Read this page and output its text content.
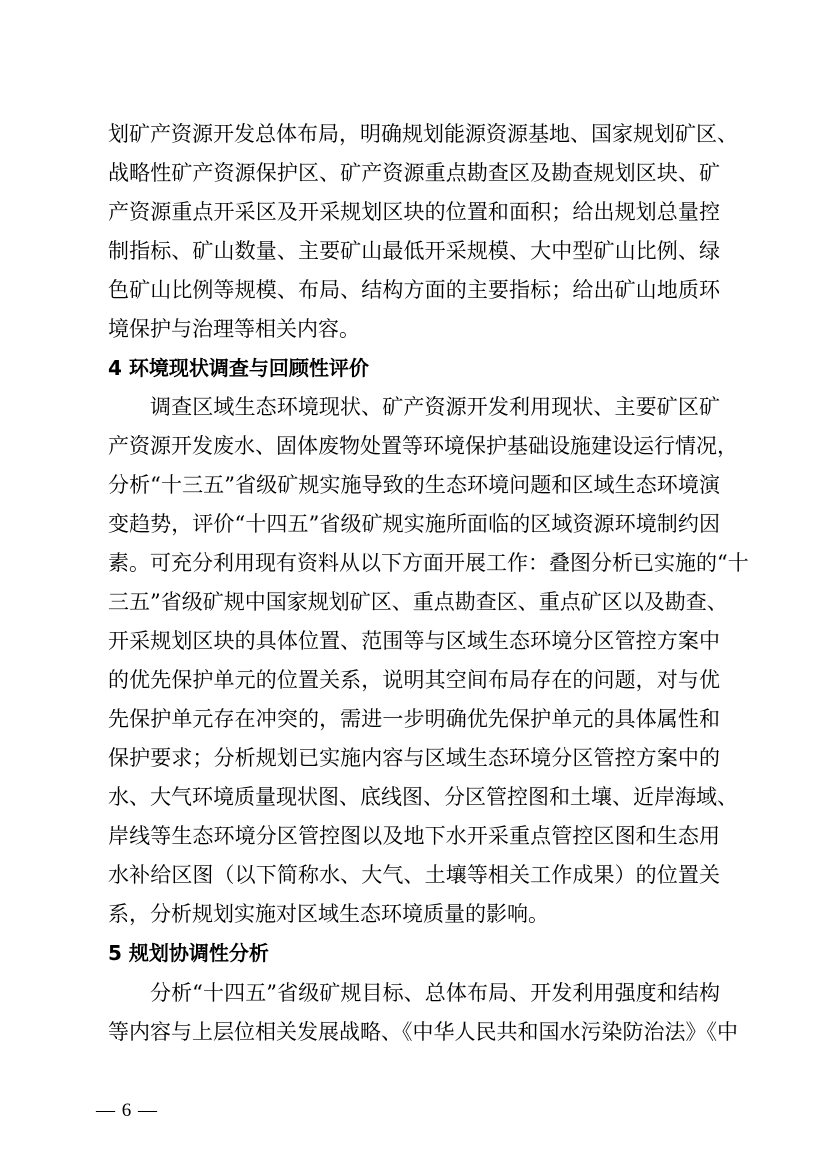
划矿产资源开发总体布局，明确规划能源资源基地、国家规划矿区、
战略性矿产资源保护区、矿产资源重点勘查区及勘查规划区块、矿
产资源重点开采区及开采规划区块的位置和面积；给出规划总量控
制指标、矿山数量、主要矿山最低开采规模、大中型矿山比例、绿
色矿山比例等规模、布局、结构方面的主要指标；给出矿山地质环
境保护与治理等相关内容。
4 环境现状调查与回顾性评价
调查区域生态环境现状、矿产资源开发利用现状、主要矿区矿
产资源开发废水、固体废物处置等环境保护基础设施建设运行情况，
分析“十三五”省级矿规实施导致的生态环境问题和区域生态环境演
变趋势，评价“十四五”省级矿规实施所面临的区域资源环境制约因
素。可充分利用现有资料从以下方面开展工作：叠图分析已实施的“十
三五”省级矿规中国家规划矿区、重点勘查区、重点矿区以及勘查、
开采规划区块的具体位置、范围等与区域生态环境分区管控方案中
的优先保护单元的位置关系，说明其空间布局存在的问题，对与优
先保护单元存在冲突的，需进一步明确优先保护单元的具体属性和
保护要求；分析规划已实施内容与区域生态环境分区管控方案中的
水、大气环境质量现状图、底线图、分区管控图和土壤、近岸海域、
岸线等生态环境分区管控图以及地下水开采重点管控区图和生态用
水补给区图（以下简称水、大气、土壤等相关工作成果）的位置关
系，分析规划实施对区域生态环境质量的影响。
5 规划协调性分析
分析“十四五”省级矿规目标、总体布局、开发利用强度和结构
等内容与上层位相关发展战略、《中华人民共和国水污染防治法》《中
— 6 —
